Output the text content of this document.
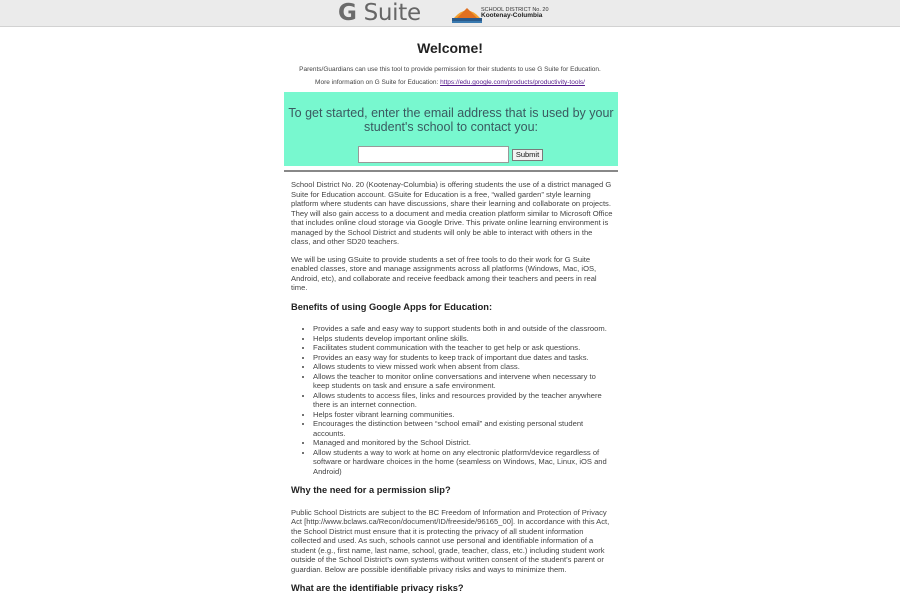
G Suite	SCHOOL DISTRICT No. 20
Kootenay-Columbia
Welcome!
Parents/Guardians can use this tool to provide permission for their students to use G Suite for Education.
More information on G Suite for Education: https://edu.google.com/products/productivity-tools/
To get started, enter the email address that is used by your
student's school to contact you:
Submit

School District No. 20 (Kootenay-Columbia) is offering students the use of a district managed G Suite for Education account. GSuite for Education is a free, “walled garden” style learning platform where students can have discussions, share their learning and collaborate on projects. They will also gain access to a document and media creation platform similar to Microsoft Office that includes online cloud storage via Google Drive. This private online learning environment is managed by the School District and students will only be able to interact with others in the class, and other SD20 teachers.

We will be using GSuite to provide students a set of free tools to do their work for G Suite enabled classes, store and manage assignments across all platforms (Windows, Mac, iOS, Android, etc), and collaborate and receive feedback among their teachers and peers in real time.

Benefits of using Google Apps for Education:
• Provides a safe and easy way to support students both in and outside of the classroom.
• Helps students develop important online skills.
• Facilitates student communication with the teacher to get help or ask questions.
• Provides an easy way for students to keep track of important due dates and tasks.
• Allows students to view missed work when absent from class.
• Allows the teacher to monitor online conversations and intervene when necessary to keep students on task and ensure a safe environment.
• Allows students to access files, links and resources provided by the teacher anywhere there is an internet connection.
• Helps foster vibrant learning communities.
• Encourages the distinction between “school email” and existing personal student accounts.
• Managed and monitored by the School District.
• Allow students a way to work at home on any electronic platform/device regardless of software or hardware choices in the home (seamless on Windows, Mac, Linux, iOS and Android)
Why the need for a permission slip?

Public School Districts are subject to the BC Freedom of Information and Protection of Privacy Act [http://www.bclaws.ca/Recon/document/ID/freeside/96165_00]. In accordance with this Act, the School District must ensure that it is protecting the privacy of all student information collected and used. As such, schools cannot use personal and identifiable information of a student (e.g., first name, last name, school, grade, teacher, class, etc.) including student work outside of the School District’s own systems without written consent of the student’s parent or guardian. Below are possible identifiable privacy risks and ways to minimize them.

What are the identifiable privacy risks?
